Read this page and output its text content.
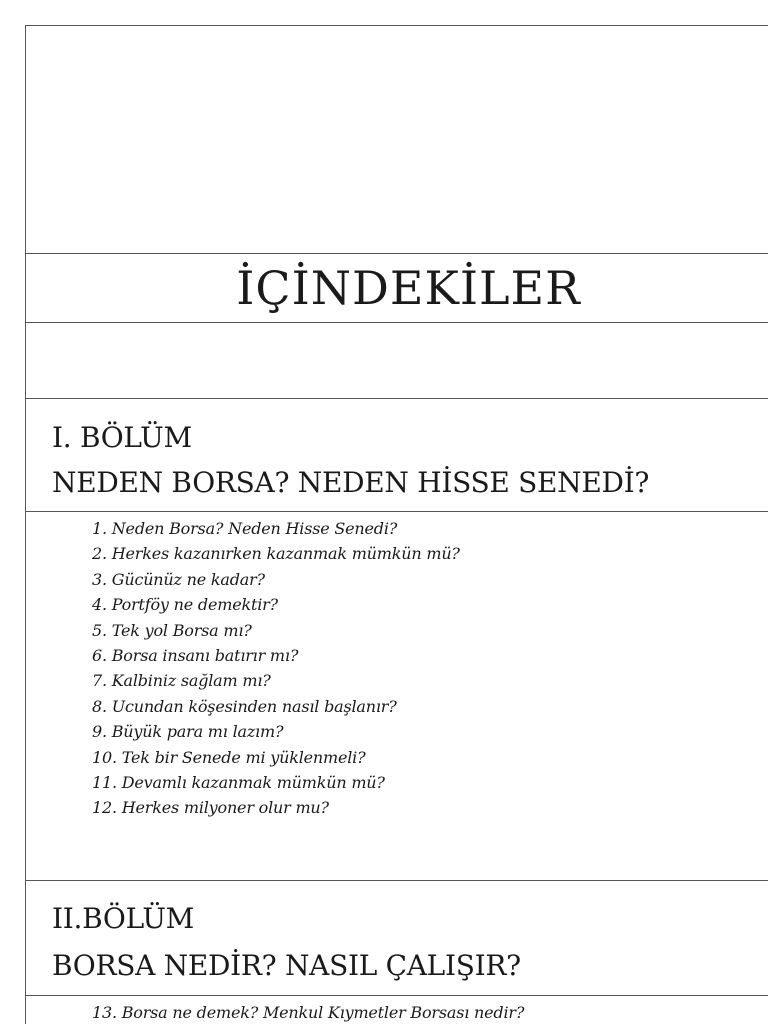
İÇİNDEKİLER
I. BÖLÜM
NEDEN BORSA? NEDEN HİSSE SENEDİ?
1. Neden Borsa? Neden Hisse Senedi?
2. Herkes kazanırken kazanmak mümkün mü?
3. Gücünüz ne kadar?
4. Portföy ne demektir?
5. Tek yol Borsa mı?
6. Borsa insanı batırır mı?
7. Kalbiniz sağlam mı?
8. Ucundan köşesinden nasıl başlanır?
9. Büyük para mı lazım?
10. Tek bir Senede mi yüklenmeli?
11. Devamlı kazanmak mümkün mü?
12. Herkes milyoner olur mu?
II.BÖLÜM
BORSA NEDİR? NASIL ÇALIŞIR?
13. Borsa ne demek? Menkul Kıymetler Borsası nedir?
